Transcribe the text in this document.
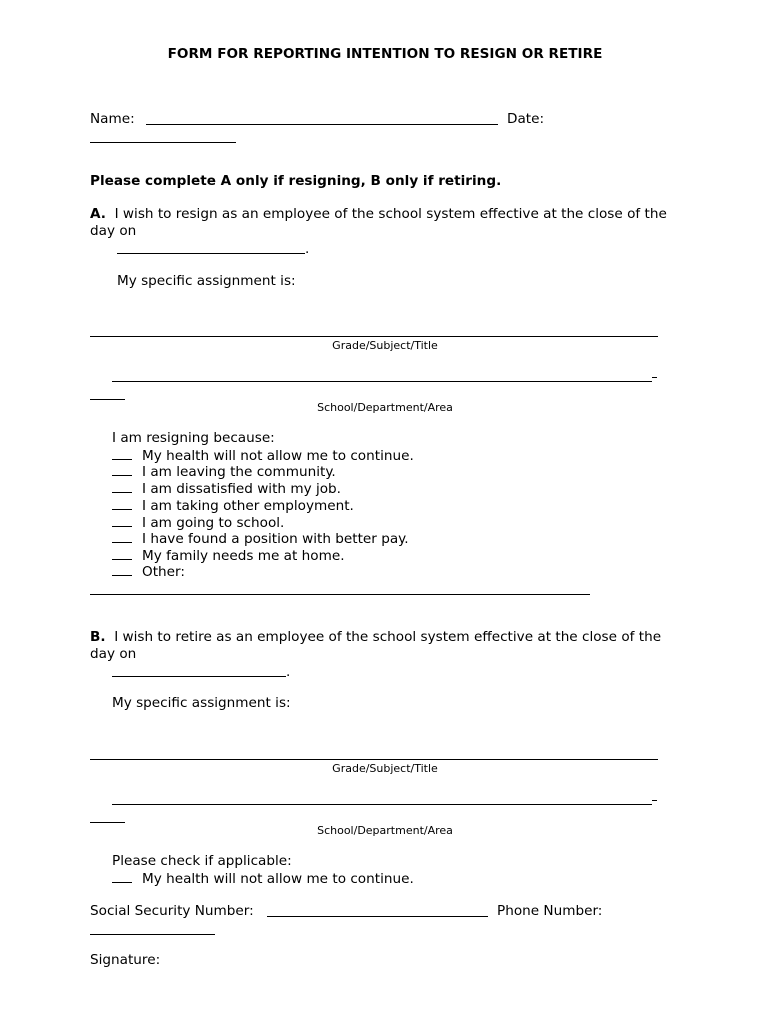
FORM FOR REPORTING INTENTION TO RESIGN OR RETIRE
Name:	Date:
Please complete A only if resigning, B only if retiring.
A. I wish to resign as an employee of the school system effective at the close of the
day on
.
My specific assignment is:
Grade/Subject/Title
School/Department/Area
I am resigning because:
My health will not allow me to continue.
I am leaving the community.
I am dissatisfied with my job.
I am taking other employment.
I am going to school.
I have found a position with better pay.
My family needs me at home.
Other:
B. I wish to retire as an employee of the school system effective at the close of the
day on
.
My specific assignment is:
Grade/Subject/Title
School/Department/Area
Please check if applicable:
My health will not allow me to continue.
Social Security Number:	Phone Number:
Signature:
